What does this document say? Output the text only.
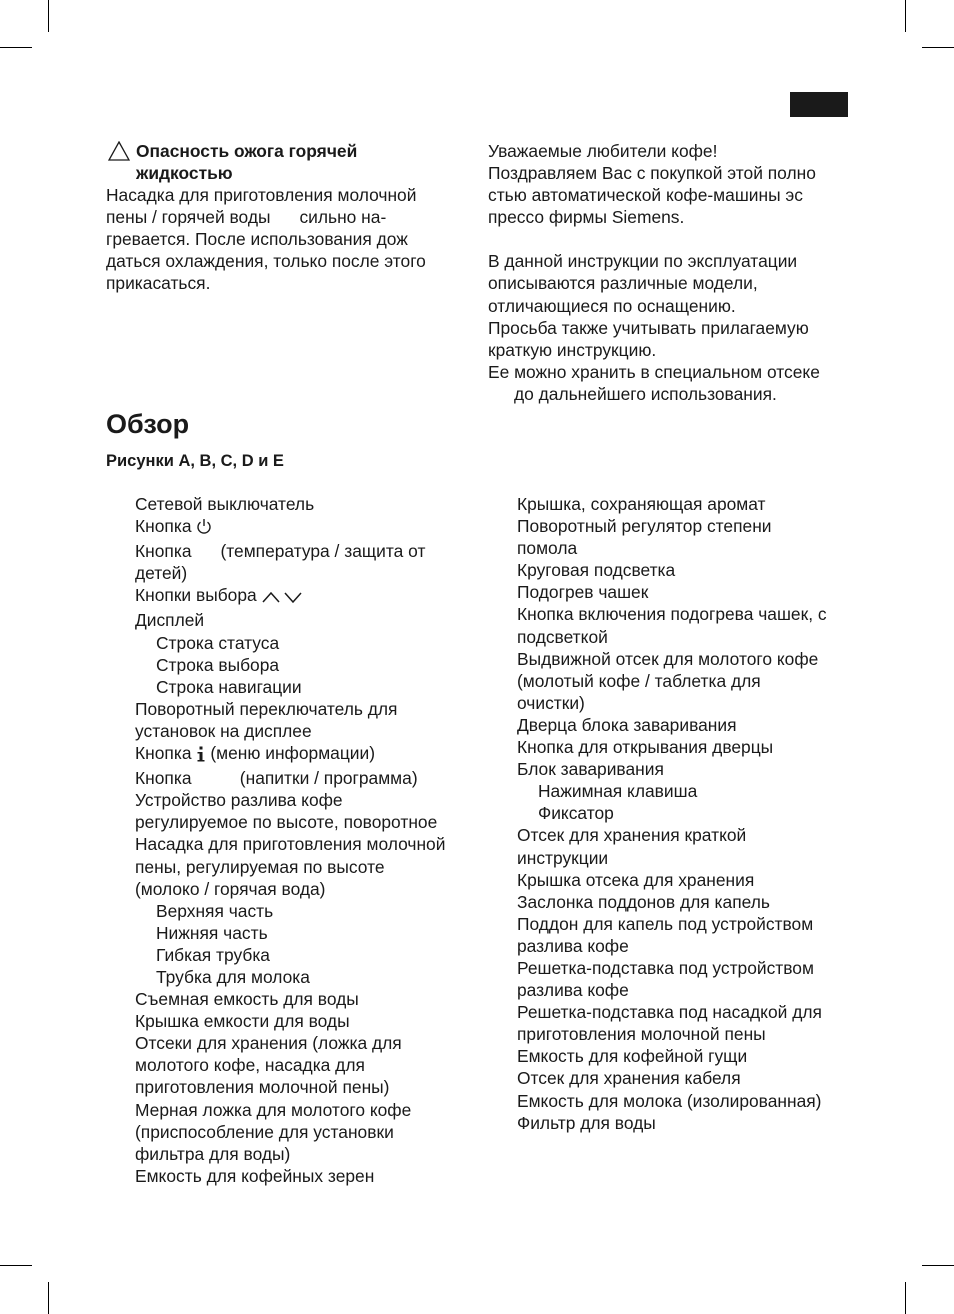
Опасность ожога горячей
жидкостью
Насадка для приготовления молочной
пены / горячей воды      сильно на-
гревается. После использования дож
даться охлаждения, только после этого
прикасаться.
Уважаемые любители кофе!
Поздравляем Вас с покупкой этой полно
стью автоматической кофе-машины эс
прессо фирмы Siemens.
В данной инструкции по эксплуатации
описываются различные модели,
отличающиеся по оснащению.
Просьба также учитывать прилагаемую
краткую инструкцию.
Ее можно хранить в специальном отсеке
до дальнейшего использования.
Обзор
Рисунки A, B, C, D и E
Сетевой выключатель
Кнопка
Кнопка      (температура / защита от
детей)
Кнопки выбора
Дисплей
Строка статуса
Строка выбора
Строка навигации
Поворотный переключатель для
установок на дисплее
Кнопка (меню информации)
Кнопка          (напитки / программа)
Устройство разлива кофе
регулируемое по высоте, поворотное
Насадка для приготовления молочной
пены, регулируемая по высоте
(молоко / горячая вода)
Верхняя часть
Нижняя часть
Гибкая трубка
Трубка для молока
Съемная емкость для воды
Крышка емкости для воды
Отсеки для хранения (ложка для
молотого кофе, насадка для
приготовления молочной пены)
Мерная ложка для молотого кофе
(приспособление для установки
фильтра для воды)
Емкость для кофейных зерен
Крышка, сохраняющая аромат
Поворотный регулятор степени
помола
Круговая подсветка
Подогрев чашек
Кнопка включения подогрева чашек, с
подсветкой
Выдвижной отсек для молотого кофе
(молотый кофе / таблетка для
очистки)
Дверца блока заваривания
Кнопка для открывания дверцы
Блок заваривания
Нажимная клавиша
Фиксатор
Отсек для хранения краткой
инструкции
Крышка отсека для хранения
Заслонка поддонов для капель
Поддон для капель под устройством
разлива кофе
Решетка-подставка под устройством
разлива кофе
Решетка-подставка под насадкой для
приготовления молочной пены
Емкость для кофейной гущи
Отсек для хранения кабеля
Емкость для молока (изолированная)
Фильтр для воды
